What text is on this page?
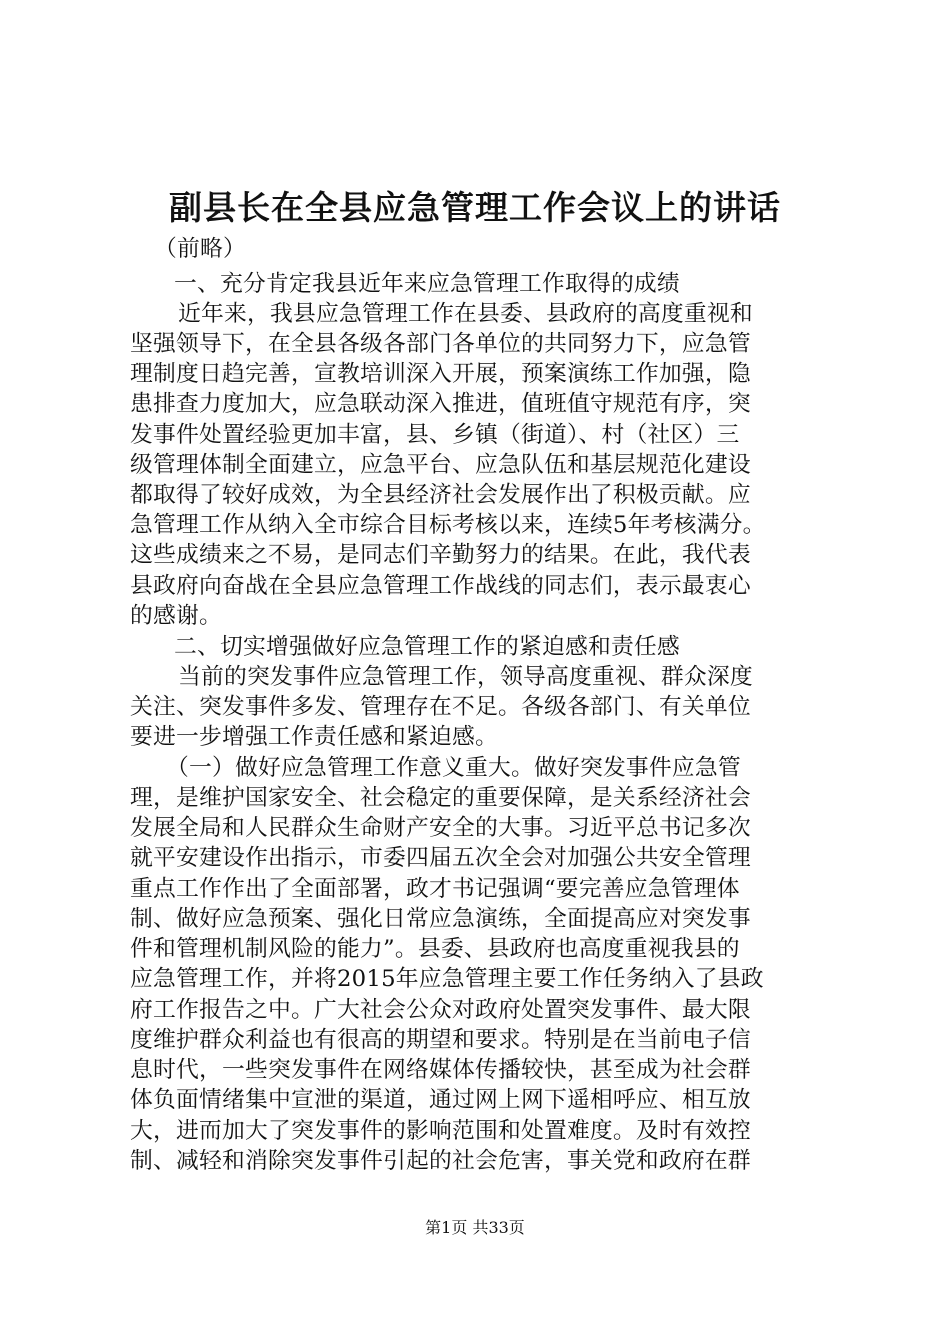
副县长在全县应急管理工作会议上的讲话
（前略）
一、充分肯定我县近年来应急管理工作取得的成绩
近年来，我县应急管理工作在县委、县政府的高度重视和
坚强领导下，在全县各级各部门各单位的共同努力下，应急管
理制度日趋完善，宣教培训深入开展，预案演练工作加强，隐
患排查力度加大，应急联动深入推进，值班值守规范有序，突
发事件处置经验更加丰富，县、乡镇（街道）、村（社区）三
级管理体制全面建立，应急平台、应急队伍和基层规范化建设
都取得了较好成效，为全县经济社会发展作出了积极贡献。应
急管理工作从纳入全市综合目标考核以来，连续5年考核满分。
这些成绩来之不易，是同志们辛勤努力的结果。在此，我代表
县政府向奋战在全县应急管理工作战线的同志们，表示最衷心
的感谢。
二、切实增强做好应急管理工作的紧迫感和责任感
当前的突发事件应急管理工作，领导高度重视、群众深度
关注、突发事件多发、管理存在不足。各级各部门、有关单位
要进一步增强工作责任感和紧迫感。
（一）做好应急管理工作意义重大。做好突发事件应急管
理，是维护国家安全、社会稳定的重要保障，是关系经济社会
发展全局和人民群众生命财产安全的大事。习近平总书记多次
就平安建设作出指示，市委四届五次全会对加强公共安全管理
重点工作作出了全面部署，政才书记强调“要完善应急管理体
制、做好应急预案、强化日常应急演练，全面提高应对突发事
件和管理机制风险的能力”。县委、县政府也高度重视我县的
应急管理工作，并将2015年应急管理主要工作任务纳入了县政
府工作报告之中。广大社会公众对政府处置突发事件、最大限
度维护群众利益也有很高的期望和要求。特别是在当前电子信
息时代，一些突发事件在网络媒体传播较快，甚至成为社会群
体负面情绪集中宣泄的渠道，通过网上网下遥相呼应、相互放
大，进而加大了突发事件的影响范围和处置难度。及时有效控
制、减轻和消除突发事件引起的社会危害，事关党和政府在群
第1页 共33页
